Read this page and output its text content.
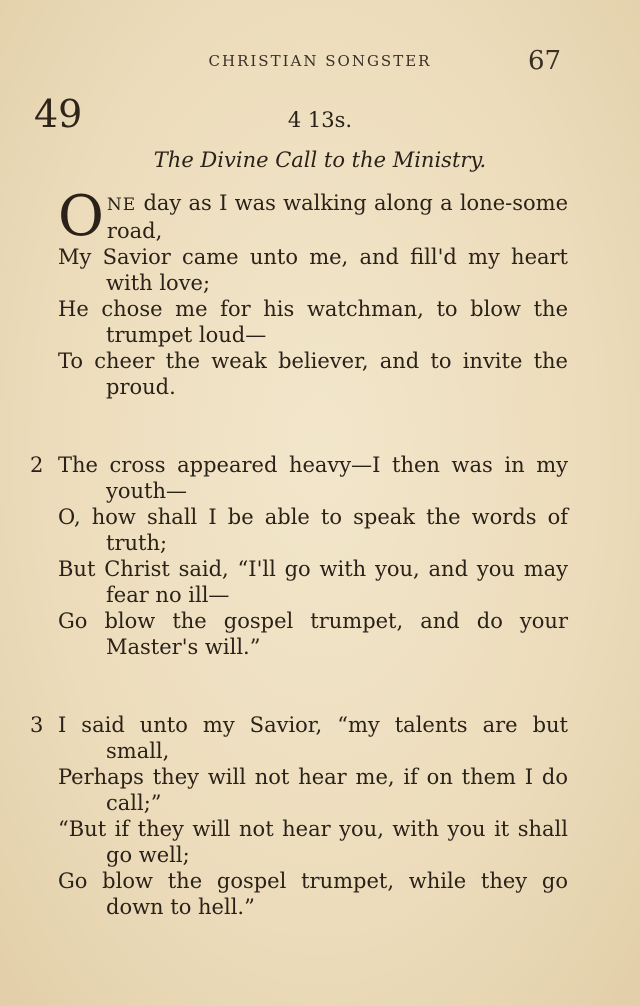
CHRISTIAN SONGSTER	67
49	4 13s.
The Divine Call to the Ministry.
ONE day as I was walking along a lone-some road,
My Savior came unto me, and fill'd my heart with love;
He chose me for his watchman, to blow the trumpet loud—
To cheer the weak believer, and to invite the proud.
2 The cross appeared heavy—I then was in my youth—
O, how shall I be able to speak the words of truth;
But Christ said, “I'll go with you, and you may fear no ill—
Go blow the gospel trumpet, and do your Master's will.”
3 I said unto my Savior, “my talents are but small,
Perhaps they will not hear me, if on them I do call;”
“But if they will not hear you, with you it shall go well;
Go blow the gospel trumpet, while they go down to hell.”
